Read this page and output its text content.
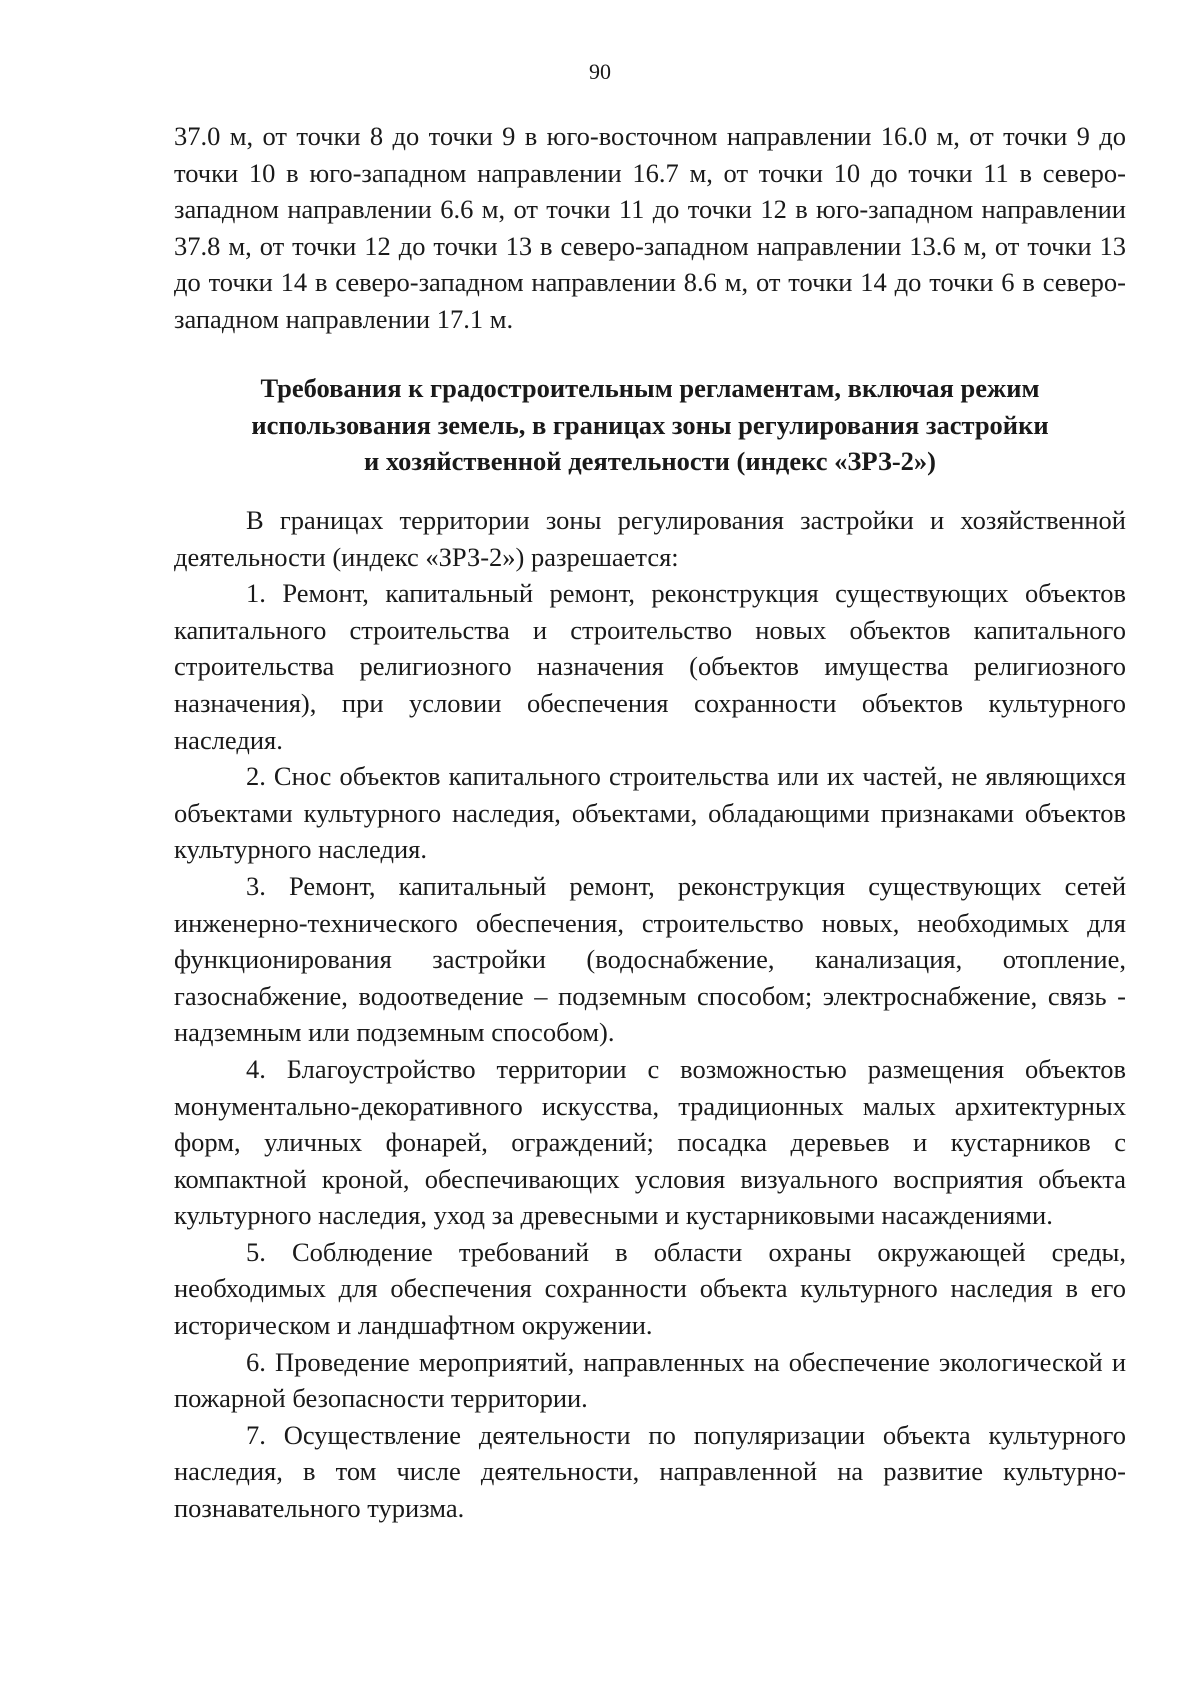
90

37.0 м, от точки 8 до точки 9 в юго-восточном направлении 16.0 м, от точки 9 до точки 10 в юго-западном направлении 16.7 м, от точки 10 до точки 11 в северо-западном направлении 6.6 м, от точки 11 до точки 12 в юго-западном направлении 37.8 м, от точки 12 до точки 13 в северо-западном направлении 13.6 м, от точки 13 до точки 14 в северо-западном направлении 8.6 м, от точки 14 до точки 6 в северо-западном направлении 17.1 м.

Требования к градостроительным регламентам, включая режим
использования земель, в границах зоны регулирования застройки
и хозяйственной деятельности (индекс «ЗРЗ-2»)

В границах территории зоны регулирования застройки и хозяйственной деятельности (индекс «ЗРЗ-2») разрешается:

1. Ремонт, капитальный ремонт, реконструкция существующих объектов капитального строительства и строительство новых объектов капитального строительства религиозного назначения (объектов имущества религиозного назначения), при условии обеспечения сохранности объектов культурного наследия.

2. Снос объектов капитального строительства или их частей, не являющихся объектами культурного наследия, объектами, обладающими признаками объектов культурного наследия.

3. Ремонт, капитальный ремонт, реконструкция существующих сетей инженерно-технического обеспечения, строительство новых, необходимых для функционирования застройки (водоснабжение, канализация, отопление, газоснабжение, водоотведение – подземным способом; электроснабжение, связь - надземным или подземным способом).

4. Благоустройство территории с возможностью размещения объектов монументально-декоративного искусства, традиционных малых архитектурных форм, уличных фонарей, ограждений; посадка деревьев и кустарников с компактной кроной, обеспечивающих условия визуального восприятия объекта культурного наследия, уход за древесными и кустарниковыми насаждениями.

5. Соблюдение требований в области охраны окружающей среды, необходимых для обеспечения сохранности объекта культурного наследия в его историческом и ландшафтном окружении.

6. Проведение мероприятий, направленных на обеспечение экологической и пожарной безопасности территории.

7. Осуществление деятельности по популяризации объекта культурного наследия, в том числе деятельности, направленной на развитие культурно-познавательного туризма.
